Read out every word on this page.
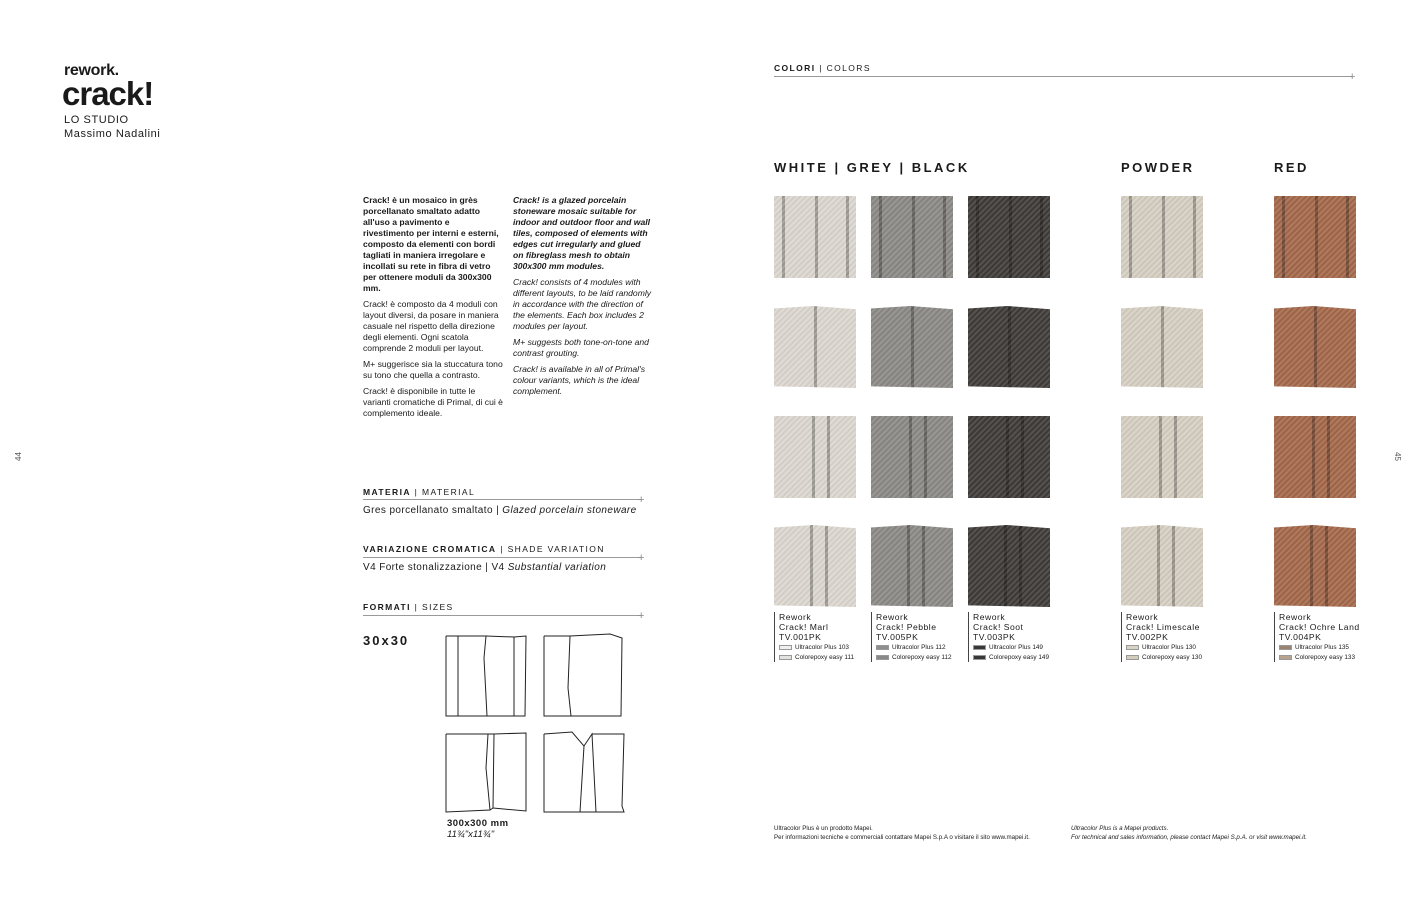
rework.
crack!
LO STUDIO
Massimo Nadalini
44	45

Crack! è un mosaico in grès porcellanato smaltato adatto all'uso a pavimento e rivestimento per interni e esterni, composto da elementi con bordi tagliati in maniera irregolare e incollati su rete in fibra di vetro per ottenere moduli da 300x300 mm.

Crack! è composto da 4 moduli con layout diversi, da posare in maniera casuale nel rispetto della direzione degli elementi. Ogni scatola comprende 2 moduli per layout.

M+ suggerisce sia la stuccatura tono su tono che quella a contrasto.

Crack! è disponibile in tutte le varianti cromatiche di Primal, di cui è complemento ideale.

Crack! is a glazed porcelain stoneware mosaic suitable for indoor and outdoor floor and wall tiles, composed of elements with edges cut irregularly and glued on fibreglass mesh to obtain 300x300 mm modules.

Crack! consists of 4 modules with different layouts, to be laid randomly in accordance with the direction of the elements. Each box includes 2 modules per layout.

M+ suggests both tone-on-tone and contrast grouting.

Crack! is available in all of Primal's colour variants, which is the ideal complement.

MATERIA | MATERIAL
+
Gres porcellanato smaltato | Glazed porcelain stoneware
VARIAZIONE CROMATICA | SHADE VARIATION
+
V4 Forte stonalizzazione | V4 Substantial variation
FORMATI | SIZES
+
30x30
300x300 mm
11¾"x11¾"
COLORI | COLORS
+
WHITE | GREY | BLACK	POWDER	RED
Rework
Crack! Marl
TV.001PK
Ultracolor Plus 103
Colorepoxy easy 111
Rework
Crack! Pebble
TV.005PK
Ultracolor Plus 112
Colorepoxy easy 112
Rework
Crack! Soot
TV.003PK
Ultracolor Plus 149
Colorepoxy easy 149
Rework
Crack! Limescale
TV.002PK
Ultracolor Plus 130
Colorepoxy easy 130
Rework
Crack! Ochre Land
TV.004PK
Ultracolor Plus 135
Colorepoxy easy 133
Ultracolor Plus è un prodotto Mapei.
Per informazioni tecniche e commerciali contattare Mapei S.p.A o visitare il sito www.mapei.it.
Ultracolor Plus is a Mapei products.
For technical and sales information, please contact Mapei S.p.A. or visit www.mapei.it.
